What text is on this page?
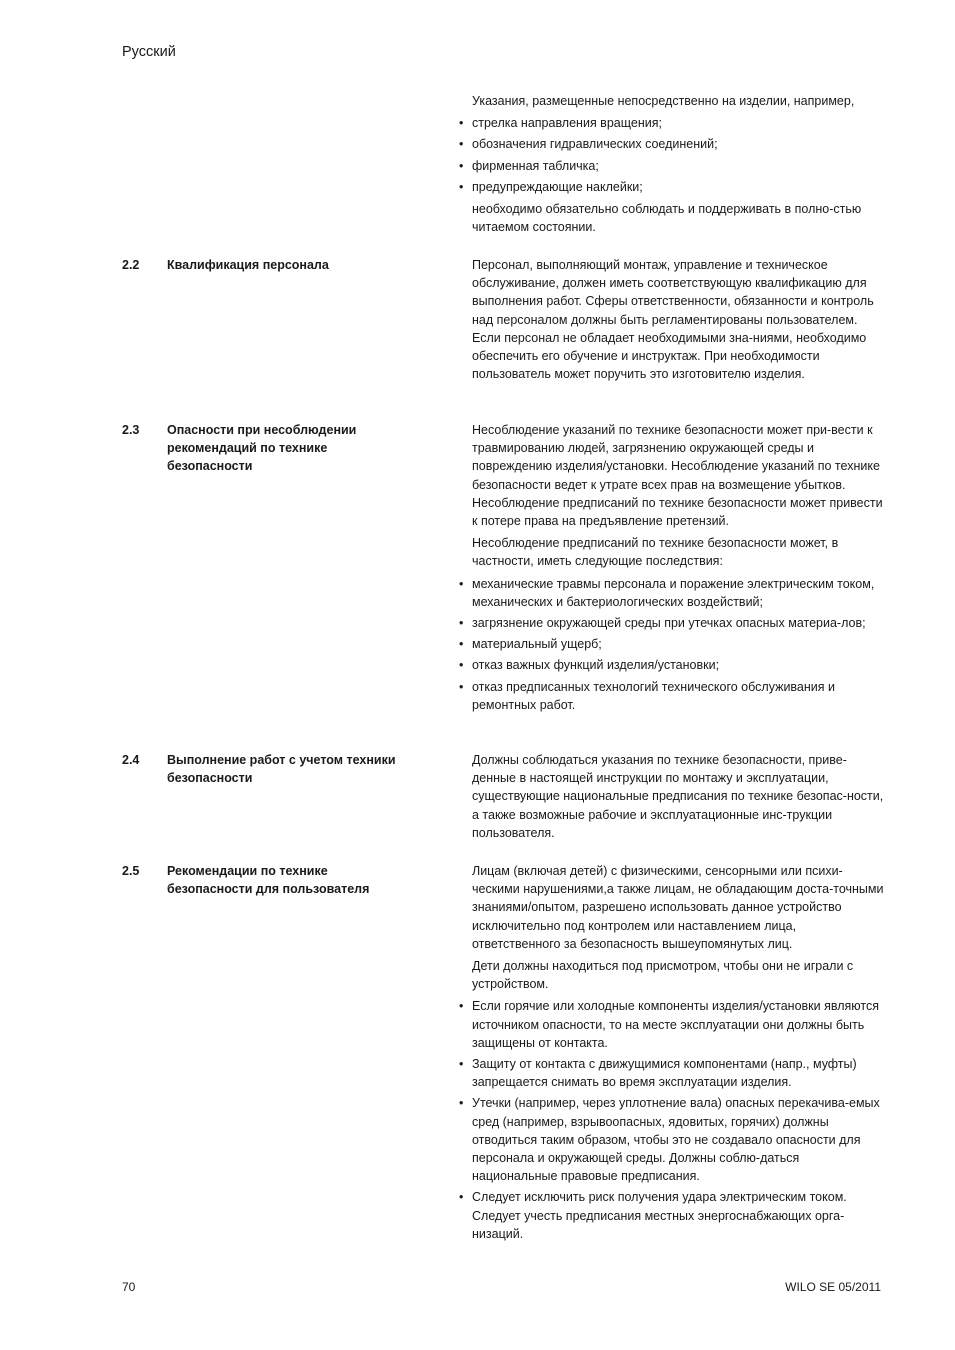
Русский

Указания, размещенные непосредственно на изделии, например,

• стрелка направления вращения;
• обозначения гидравлических соединений;
• фирменная табличка;
• предупреждающие наклейки;

необходимо обязательно соблюдать и поддерживать в полно-стью читаемом состоянии.

2.2 Квалификация персонала	Персонал, выполняющий монтаж, управление и техническое обслуживание, должен иметь соответствующую квалификацию для выполнения работ. Сферы ответственности, обязанности и контроль над персоналом должны быть регламентированы пользователем. Если персонал не обладает необходимыми зна-ниями, необходимо обеспечить его обучение и инструктаж. При необходимости пользователь может поручить это изготовителю изделия.

2.3 Опасности при несоблюдении рекомендаций по технике безопасности

Несоблюдение указаний по технике безопасности может при-вести к травмированию людей, загрязнению окружающей среды и повреждению изделия/установки. Несоблюдение указаний по технике безопасности ведет к утрате всех прав на возмещение убытков. Несоблюдение предписаний по технике безопасности может привести к потере права на предъявление претензий.

Несоблюдение предписаний по технике безопасности может, в частности, иметь следующие последствия:

• механические травмы персонала и поражение электрическим током, механических и бактериологических воздействий;
• загрязнение окружающей среды при утечках опасных материа-лов;
• материальный ущерб;
• отказ важных функций изделия/установки;
• отказ предписанных технологий технического обслуживания и ремонтных работ.
2.4 Выполнение работ с учетом техники безопасности

Должны соблюдаться указания по технике безопасности, приве-денные в настоящей инструкции по монтажу и эксплуатации, существующие национальные предписания по технике безопас-ности, а также возможные рабочие и эксплуатационные инс-трукции пользователя.

2.5 Рекомендации по технике безопасности для пользователя

Лицам (включая детей) с физическими, сенсорными или психи-ческими нарушениями,а также лицам, не обладающим доста-точными знаниями/опытом, разрешено использовать данное устройство исключительно под контролем или наставлением лица, ответственного за безопасность вышеупомянутых лиц.

Дети должны находиться под присмотром, чтобы они не играли с устройством.

• Если горячие или холодные компоненты изделия/установки являются источником опасности, то на месте эксплуатации они должны быть защищены от контакта.
• Защиту от контакта с движущимися компонентами (напр., муфты) запрещается снимать во время эксплуатации изделия.
• Утечки (например, через уплотнение вала) опасных перекачива-емых сред (например, взрывоопасных, ядовитых, горячих) должны отводиться таким образом, чтобы это не создавало опасности для персонала и окружающей среды. Должны соблю-даться национальные правовые предписания.
• Следует исключить риск получения удара электрическим током. Следует учесть предписания местных энергоснабжающих орга-низаций.
70	WILO SE 05/2011
